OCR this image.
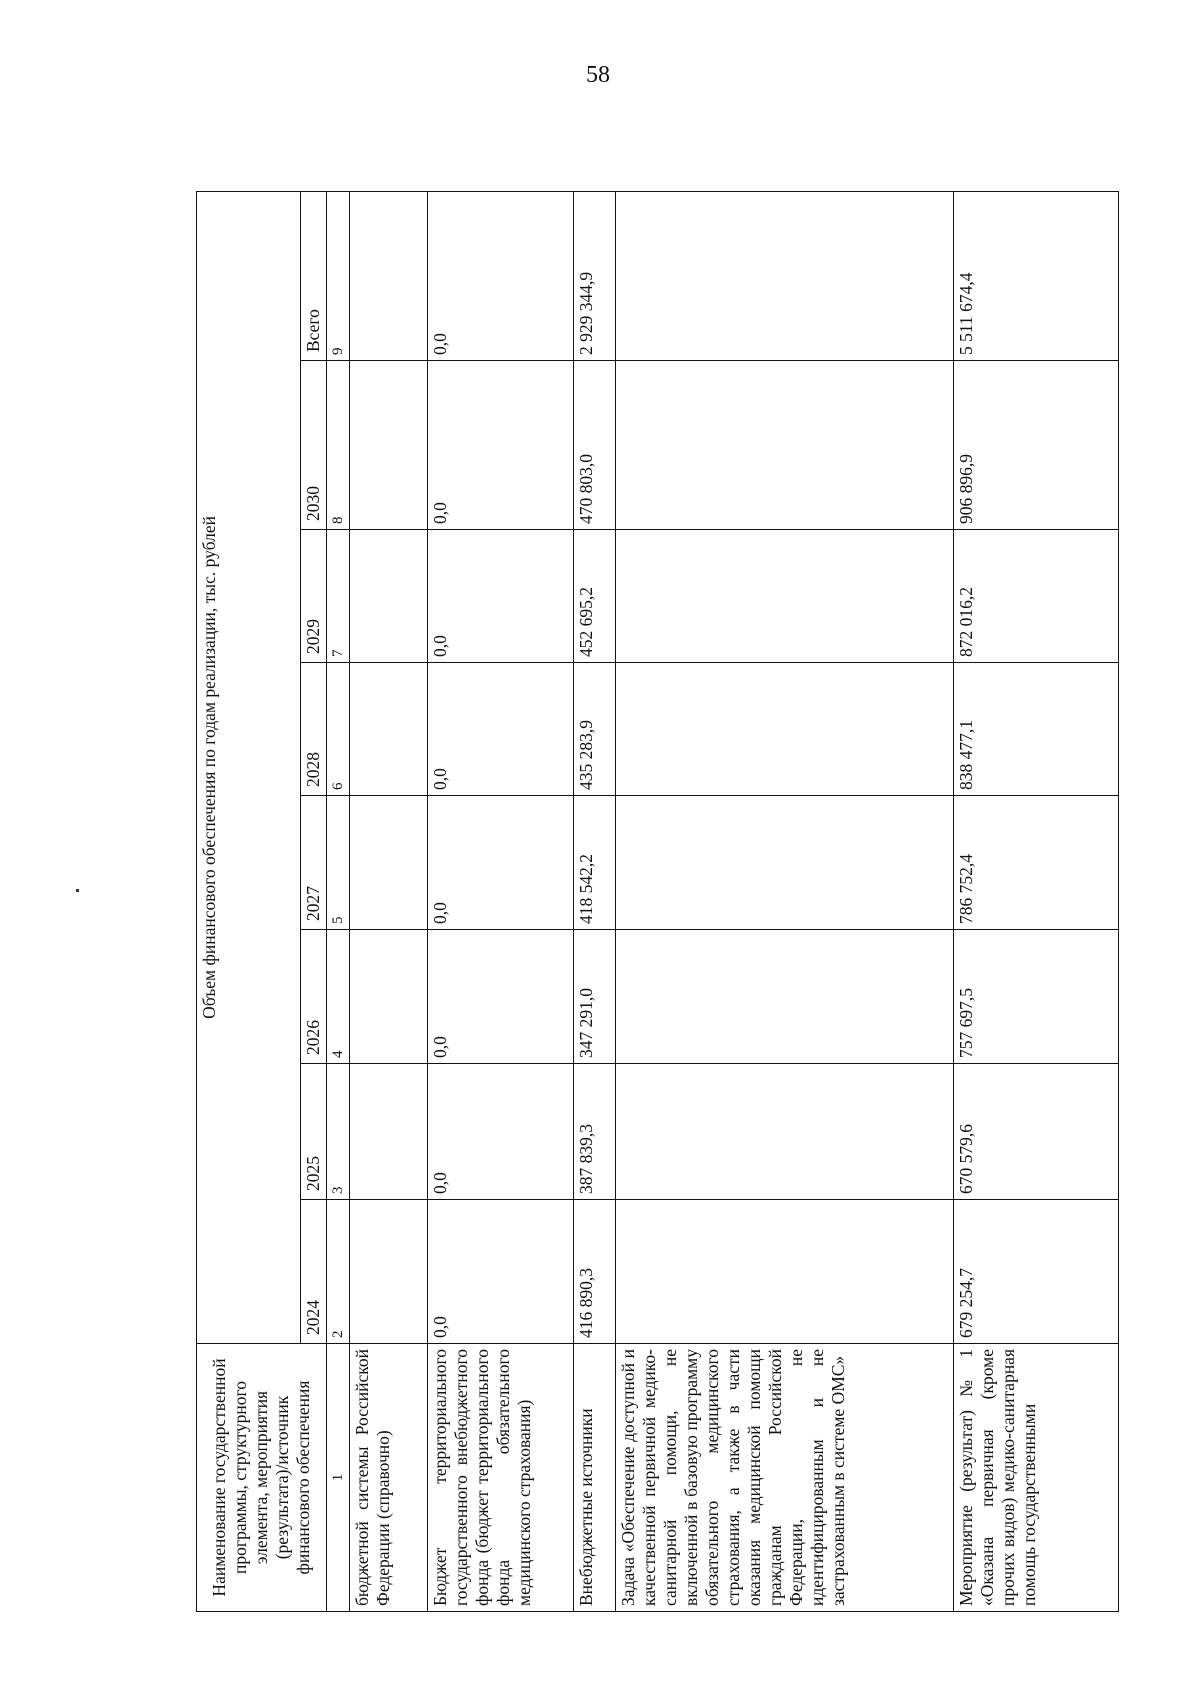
58
Наименование государственной программы, структурного элемента, мероприятия (результата)/источник финансового обеспечения	Объем финансового обеспечения по годам реализации, тыс. рублей							
	2024	2025	2026	2027	2028	2029	2030	Всего
1	2	3	4	5	6	7	8	9
бюджетной системы Российской Федерации (справочно)								
Бюджет территориального государственного внебюджетного фонда (бюджет территориального фонда обязательного медицинского страхования)	0,0	0,0	0,0	0,0	0,0	0,0	0,0	0,0
Внебюджетные источники	416 890,3	387 839,3	347 291,0	418 542,2	435 283,9	452 695,2	470 803,0	2 929 344,9
Задача «Обеспечение доступной и качественной первичной медико-санитарной помощи, не включенной в базовую программу обязательного медицинского страхования, а также в части оказания медицинской помощи гражданам Российской Федерации, не идентифицированным и не застрахованным в системе ОМС»								
Мероприятие (результат) № 1 «Оказана первичная (кроме прочих видов) медико-санитарная помощь государственными	679 254,7	670 579,6	757 697,5	786 752,4	838 477,1	872 016,2	906 896,9	5 511 674,4
